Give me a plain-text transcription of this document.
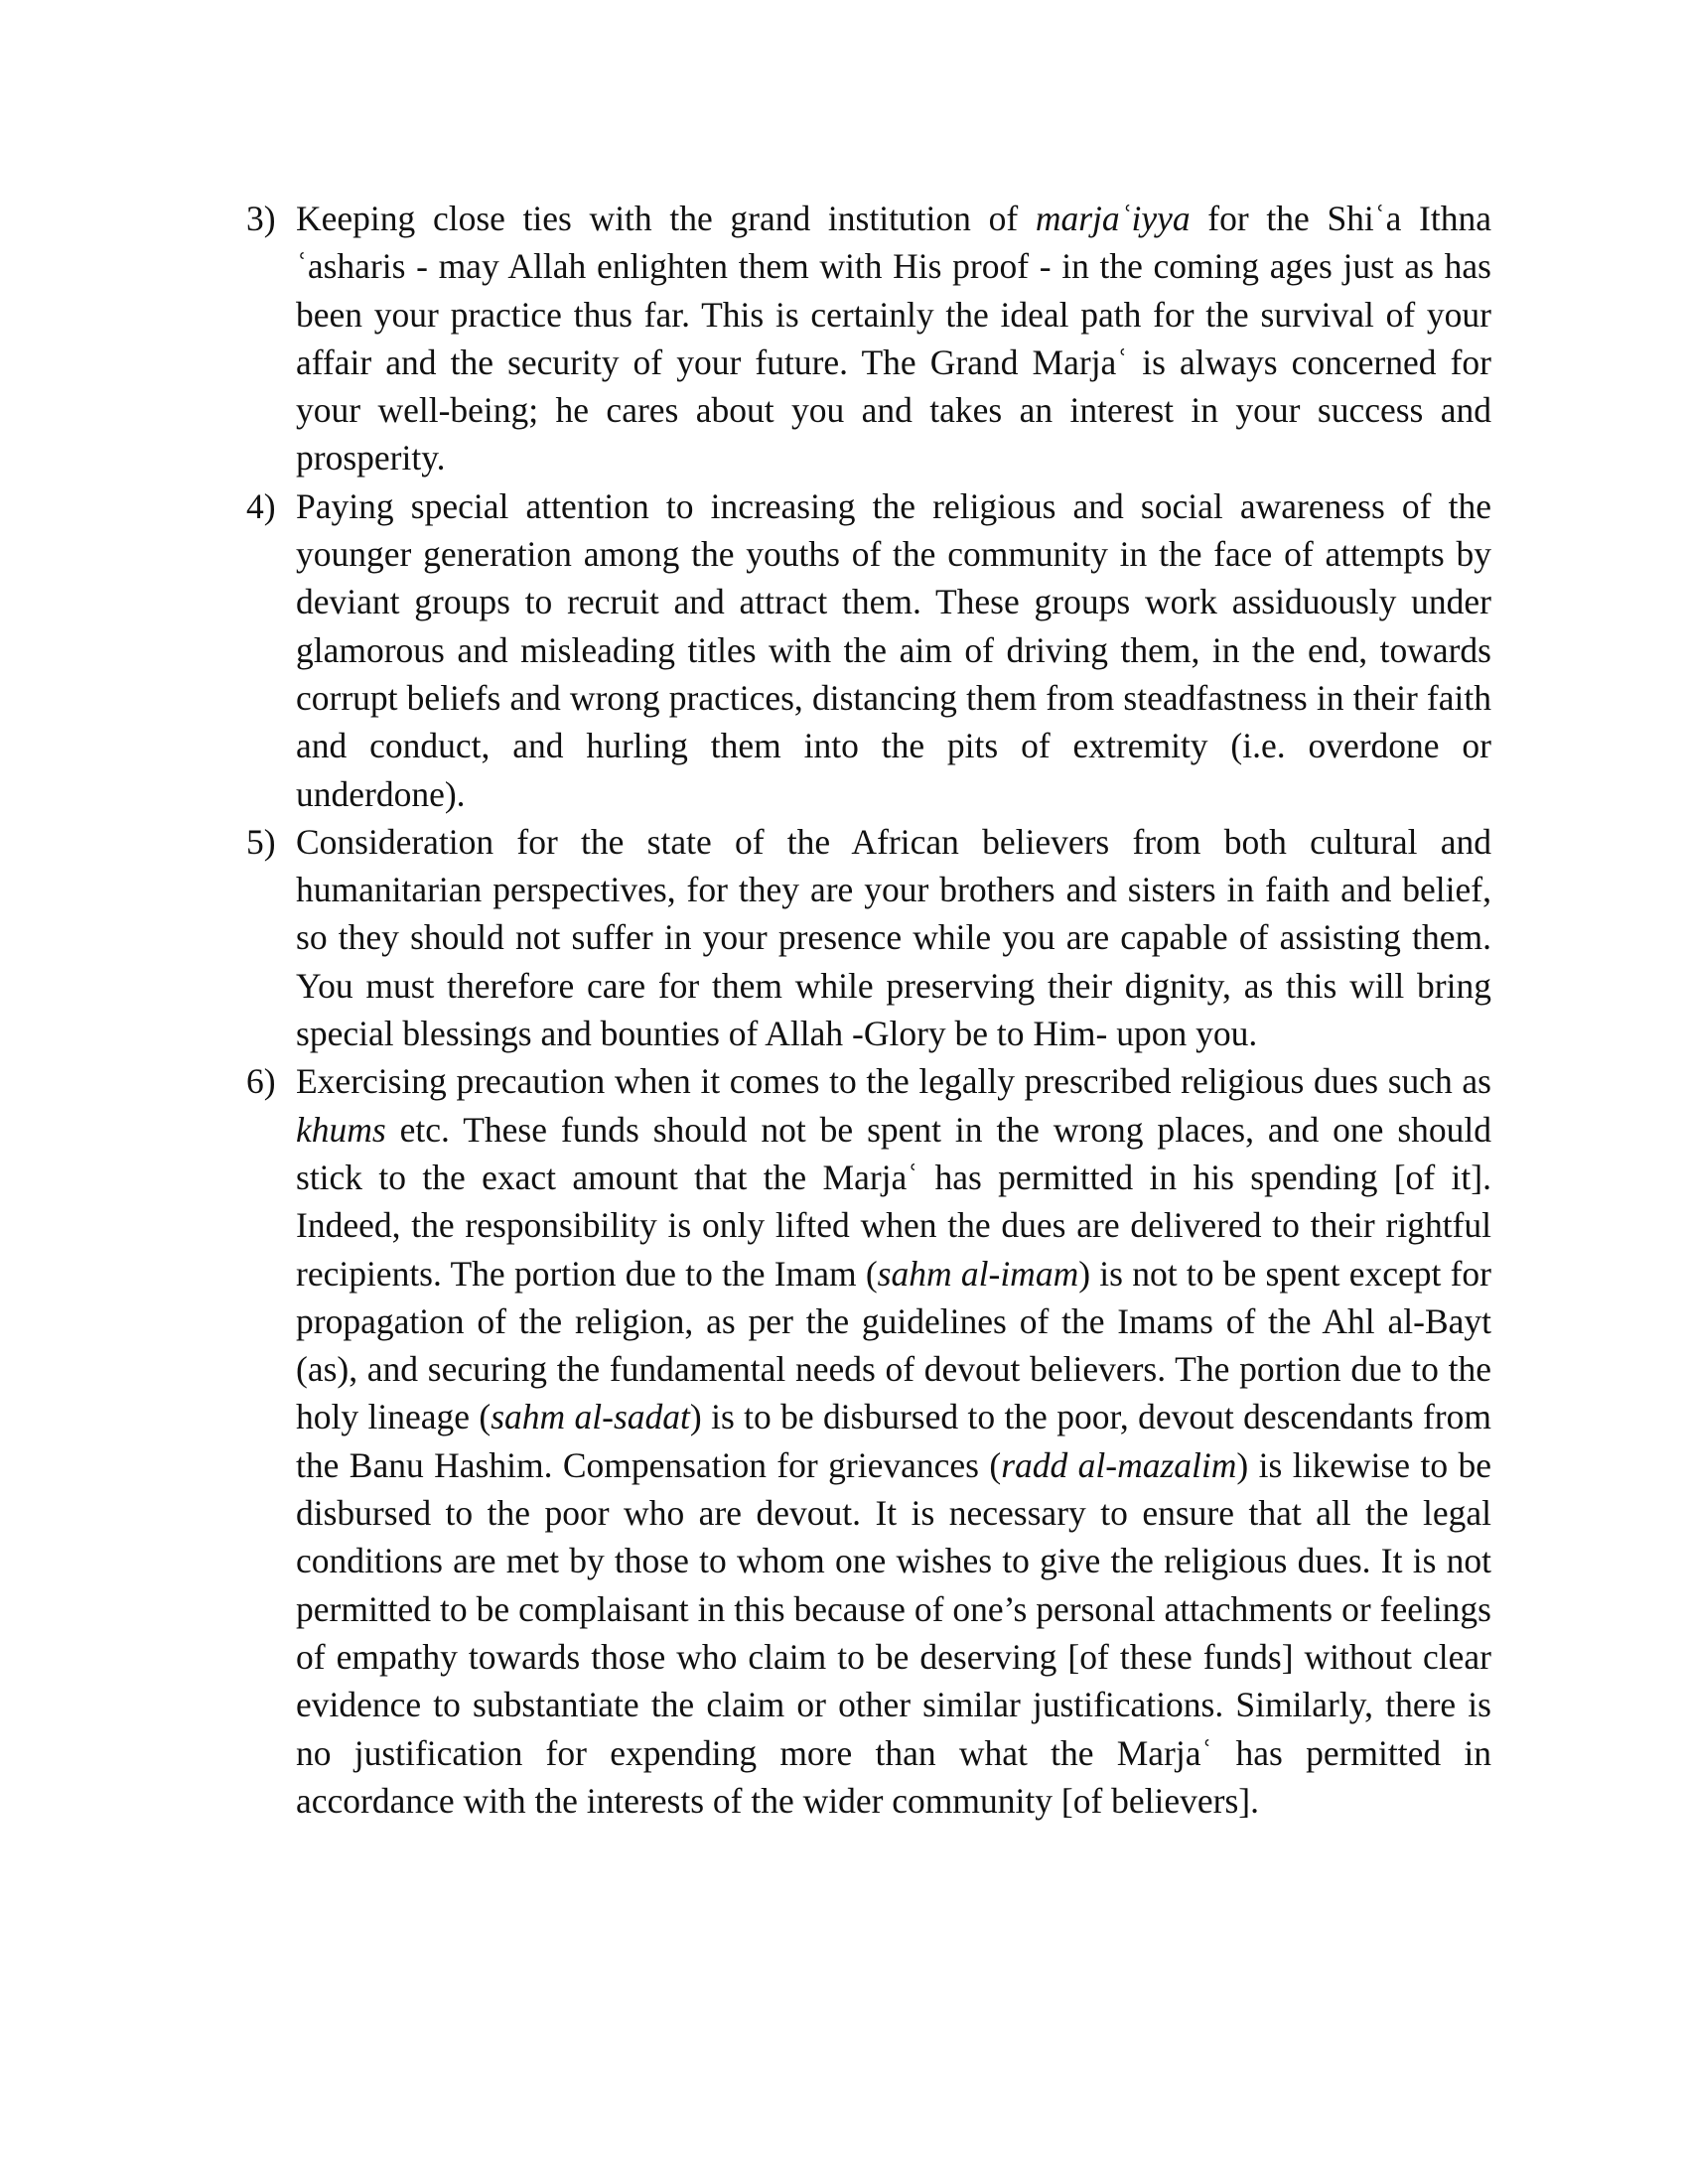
3) Keeping close ties with the grand institution of marjaʿiyya for the Shiʿa Ithna ʿasharis - may Allah enlighten them with His proof - in the coming ages just as has been your practice thus far. This is certainly the ideal path for the survival of your affair and the security of your future. The Grand Marjaʿ is always concerned for your well-being; he cares about you and takes an interest in your success and prosperity.
4) Paying special attention to increasing the religious and social awareness of the younger generation among the youths of the community in the face of attempts by deviant groups to recruit and attract them. These groups work assiduously under glamorous and misleading titles with the aim of driving them, in the end, towards corrupt beliefs and wrong practices, distancing them from steadfastness in their faith and conduct, and hurling them into the pits of extremity (i.e. overdone or underdone).
5) Consideration for the state of the African believers from both cultural and humanitarian perspectives, for they are your brothers and sisters in faith and belief, so they should not suffer in your presence while you are capable of assisting them. You must therefore care for them while preserving their dignity, as this will bring special blessings and bounties of Allah -Glory be to Him- upon you.
6) Exercising precaution when it comes to the legally prescribed religious dues such as khums etc. These funds should not be spent in the wrong places, and one should stick to the exact amount that the Marjaʿ has permitted in his spending [of it]. Indeed, the responsibility is only lifted when the dues are delivered to their rightful recipients. The portion due to the Imam (sahm al-imam) is not to be spent except for propagation of the religion, as per the guidelines of the Imams of the Ahl al-Bayt (as), and securing the fundamental needs of devout believers. The portion due to the holy lineage (sahm al-sadat) is to be disbursed to the poor, devout descendants from the Banu Hashim. Compensation for grievances (radd al-mazalim) is likewise to be disbursed to the poor who are devout. It is necessary to ensure that all the legal conditions are met by those to whom one wishes to give the religious dues. It is not permitted to be complaisant in this because of one’s personal attachments or feelings of empathy towards those who claim to be deserving [of these funds] without clear evidence to substantiate the claim or other similar justifications. Similarly, there is no justification for expending more than what the Marjaʿ has permitted in accordance with the interests of the wider community [of believers].
